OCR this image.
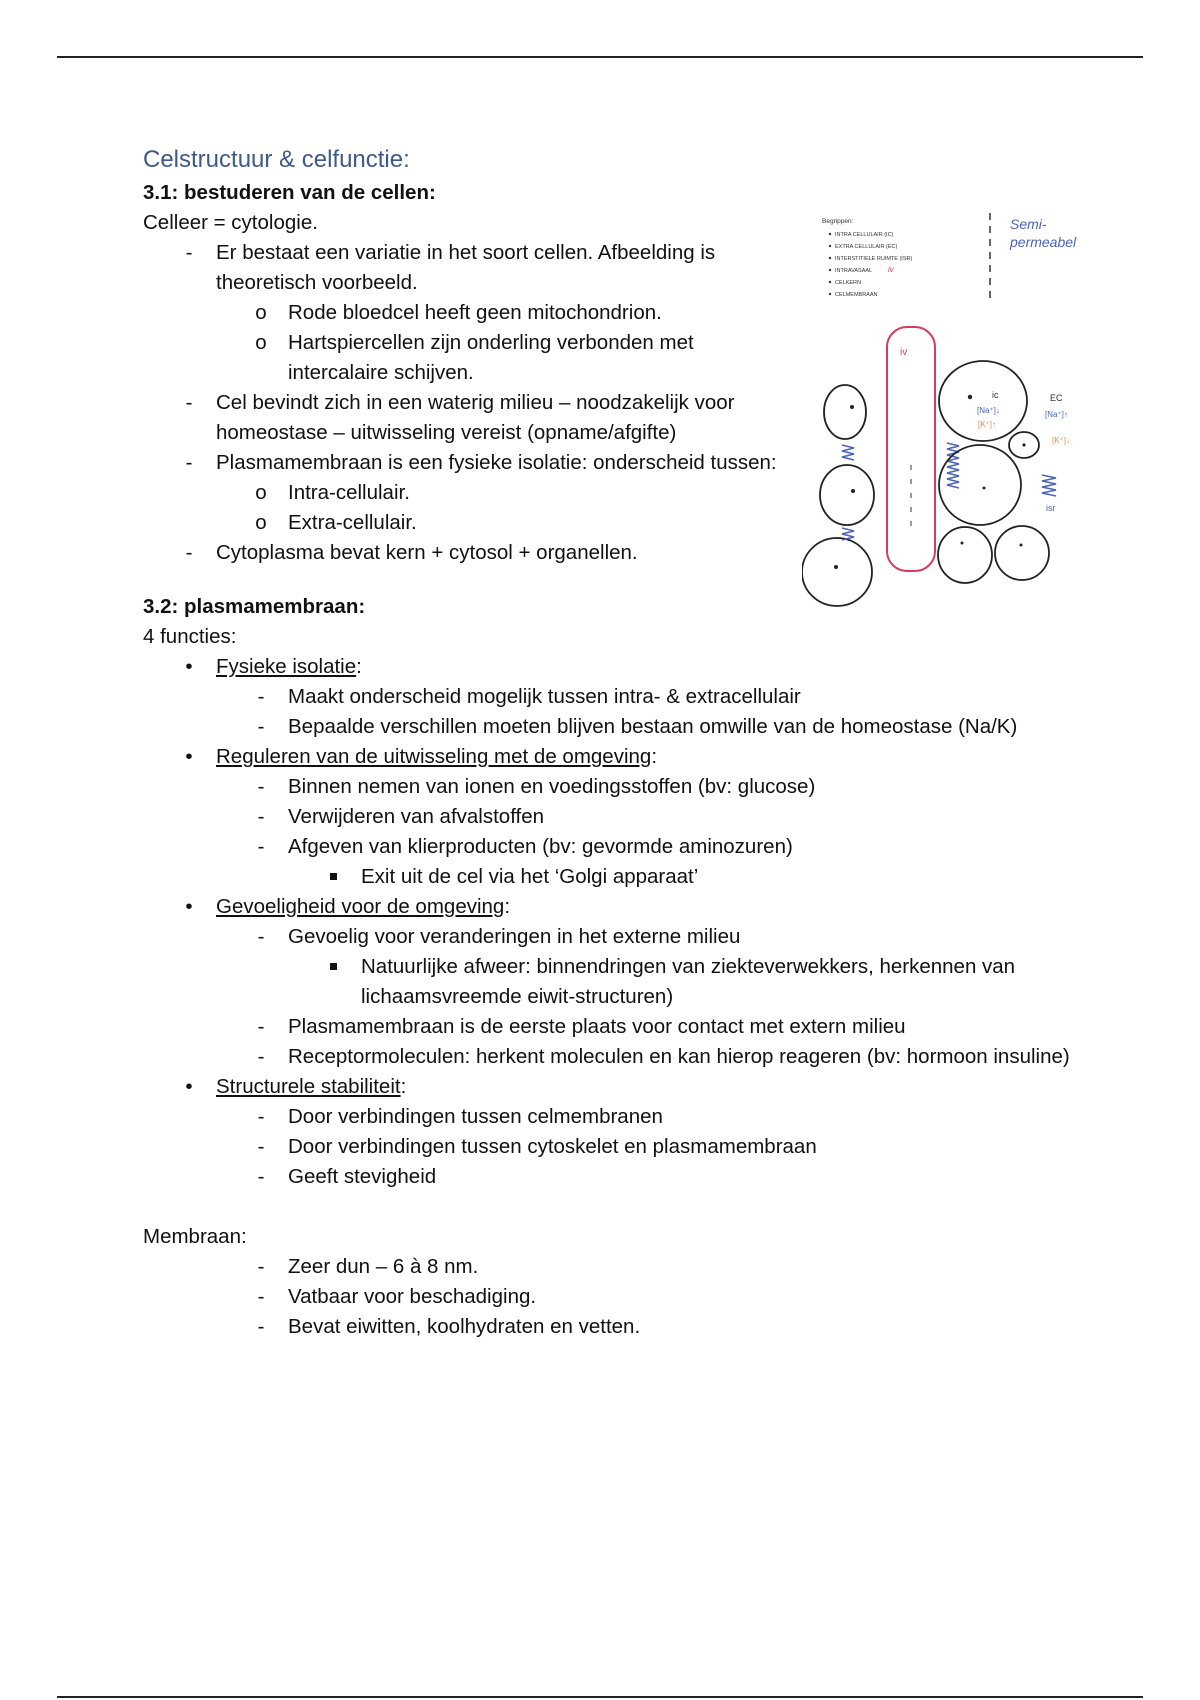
Celstructuur & celfunctie:
3.1: bestuderen van de cellen:
Celleer = cytologie.
-	Er bestaat een variatie in het soort cellen. Afbeelding is theoretisch voorbeeld.
o Rode bloedcel heeft geen mitochondrion.
o Hartspiercellen zijn onderling verbonden met intercalaire schijven.
-	Cel bevindt zich in een waterig milieu – noodzakelijk voor homeostase – uitwisseling vereist (opname/afgifte)
-	Plasmamembraan is een fysieke isolatie: onderscheid tussen:
o Intra-cellulair.
o Extra-cellulair.
-	Cytoplasma bevat kern + cytosol + organellen.
3.2: plasmamembraan:
4 functies:
•	Fysieke isolatie:
-	Maakt onderscheid mogelijk tussen intra- & extracellulair
-	Bepaalde verschillen moeten blijven bestaan omwille van de homeostase (Na/K)
•	Reguleren van de uitwisseling met de omgeving:
-	Binnen nemen van ionen en voedingsstoffen (bv: glucose)
-	Verwijderen van afvalstoffen
-	Afgeven van klierproducten (bv: gevormde aminozuren)
Exit uit de cel via het ‘Golgi apparaat’
•	Gevoeligheid voor de omgeving:
-	Gevoelig voor veranderingen in het externe milieu
Natuurlijke afweer: binnendringen van ziekteverwekkers, herkennen van lichaamsvreemde eiwit-structuren)
-	Plasmamembraan is de eerste plaats voor contact met extern milieu
-	Receptormoleculen: herkent moleculen en kan hierop reageren (bv: hormoon insuline)
•	Structurele stabiliteit:
-	Door verbindingen tussen celmembranen
-	Door verbindingen tussen cytoskelet en plasmamembraan
-	Geeft stevigheid
Membraan:
-	Zeer dun – 6 à 8 nm.
-	Vatbaar voor beschadiging.
-	Bevat eiwitten, koolhydraten en vetten.
Begrippen:
INTRA CELLULAIR (IC)
EXTRA CELLULAIR (EC)
INTERSTITIELE RUIMTE (ISR)
INTRAVASAAL
CELKERN
CELMEMBRAAN
iv
Semi-
permeabel
iv
ic
[Na⁺]↓
[K⁺]↑
EC
[Na⁺]↑
[K⁺]↓
isr
